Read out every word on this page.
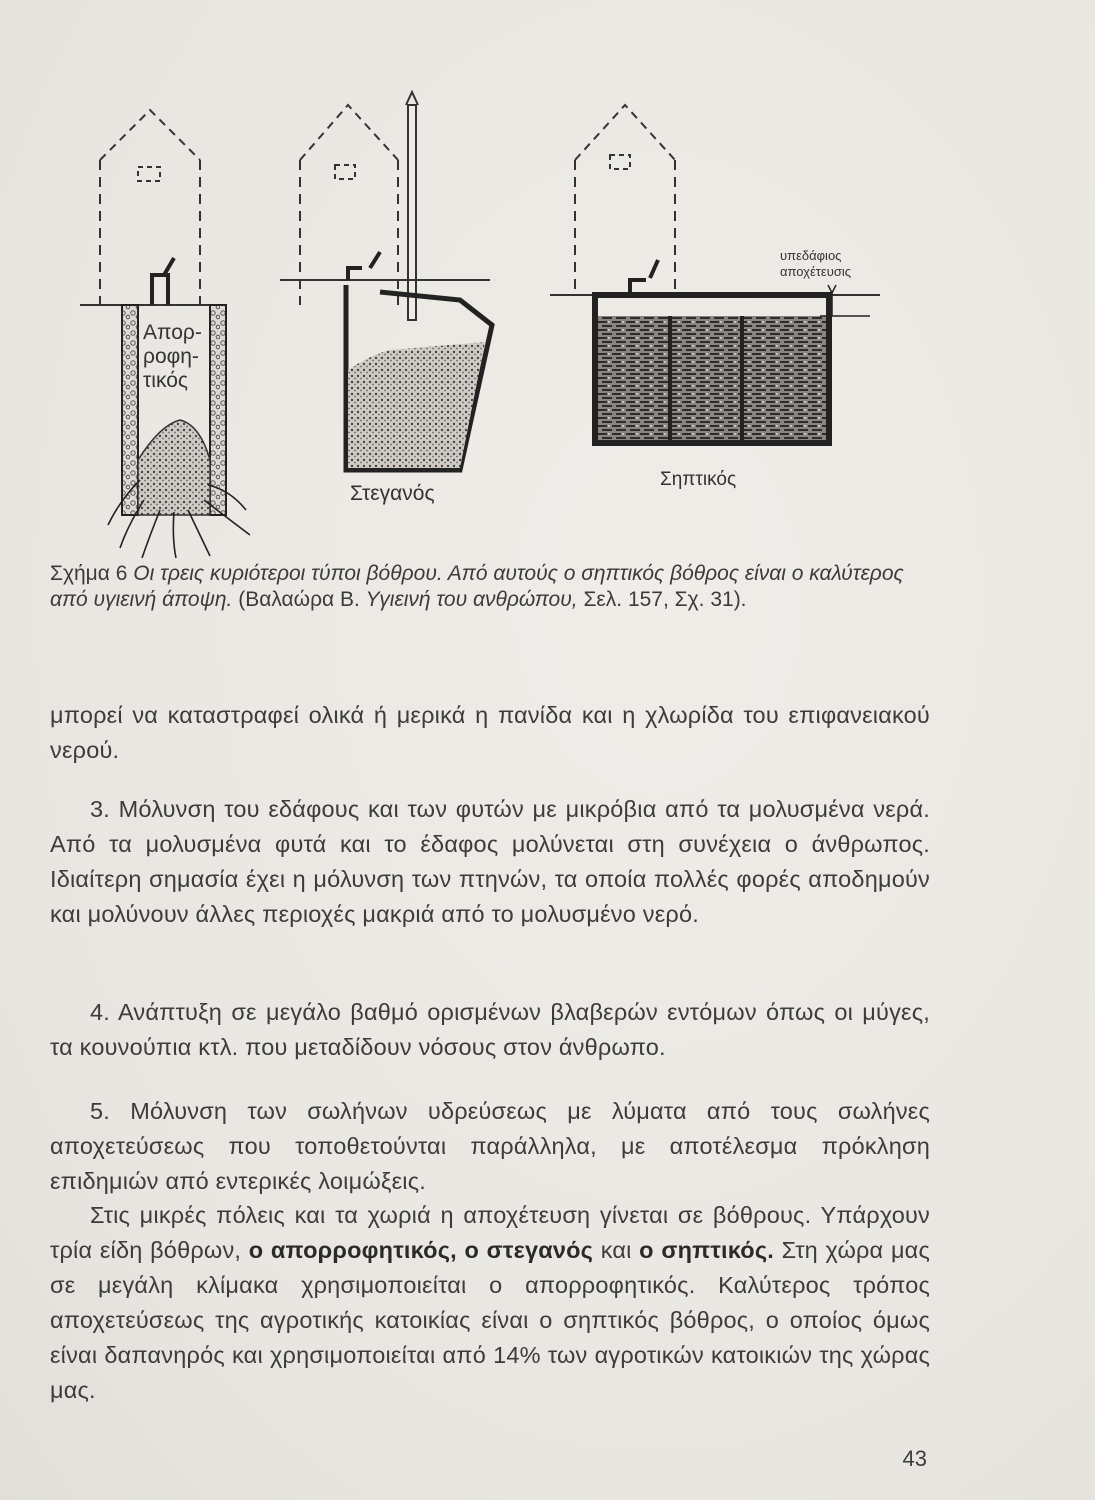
Απορ-
ροφη-
τικός
Στεγανός
υπεδάφιος
αποχέτευσις
Σηπτικός
Σχήμα 6 Οι τρεις κυριότεροι τύποι βόθρου. Από αυτούς ο σηπτικός βόθρος είναι ο καλύτερος από υγιεινή άποψη. (Βαλαώρα Β. Υγιεινή του ανθρώπου, Σελ. 157, Σχ. 31).
μπορεί να καταστραφεί ολικά ή μερικά η πανίδα και η χλωρίδα του επιφανειακού νερού.
3. Μόλυνση του εδάφους και των φυτών με μικρόβια από τα μολυσμένα νερά. Από τα μολυσμένα φυτά και το έδαφος μολύνεται στη συνέχεια ο άνθρωπος. Ιδιαίτερη σημασία έχει η μόλυνση των πτηνών, τα οποία πολλές φορές αποδημούν και μολύνουν άλλες περιοχές μακριά από το μολυσμένο νερό.
4. Ανάπτυξη σε μεγάλο βαθμό ορισμένων βλαβερών εντόμων όπως οι μύγες, τα κουνούπια κτλ. που μεταδίδουν νόσους στον άνθρωπο.
5. Μόλυνση των σωλήνων υδρεύσεως με λύματα από τους σωλήνες αποχετεύσεως που τοποθετούνται παράλληλα, με αποτέλεσμα πρόκληση επιδημιών από εντερικές λοιμώξεις.
Στις μικρές πόλεις και τα χωριά η αποχέτευση γίνεται σε βόθρους. Υπάρχουν τρία είδη βόθρων, ο απορροφητικός, ο στεγανός και ο σηπτικός. Στη χώρα μας σε μεγάλη κλίμακα χρησιμοποιείται ο απορροφητικός. Καλύτερος τρόπος αποχετεύσεως της αγροτικής κατοικίας είναι ο σηπτικός βόθρος, ο οποίος όμως είναι δαπανηρός και χρησιμοποιείται από 14% των αγροτικών κατοικιών της χώρας μας.
43
